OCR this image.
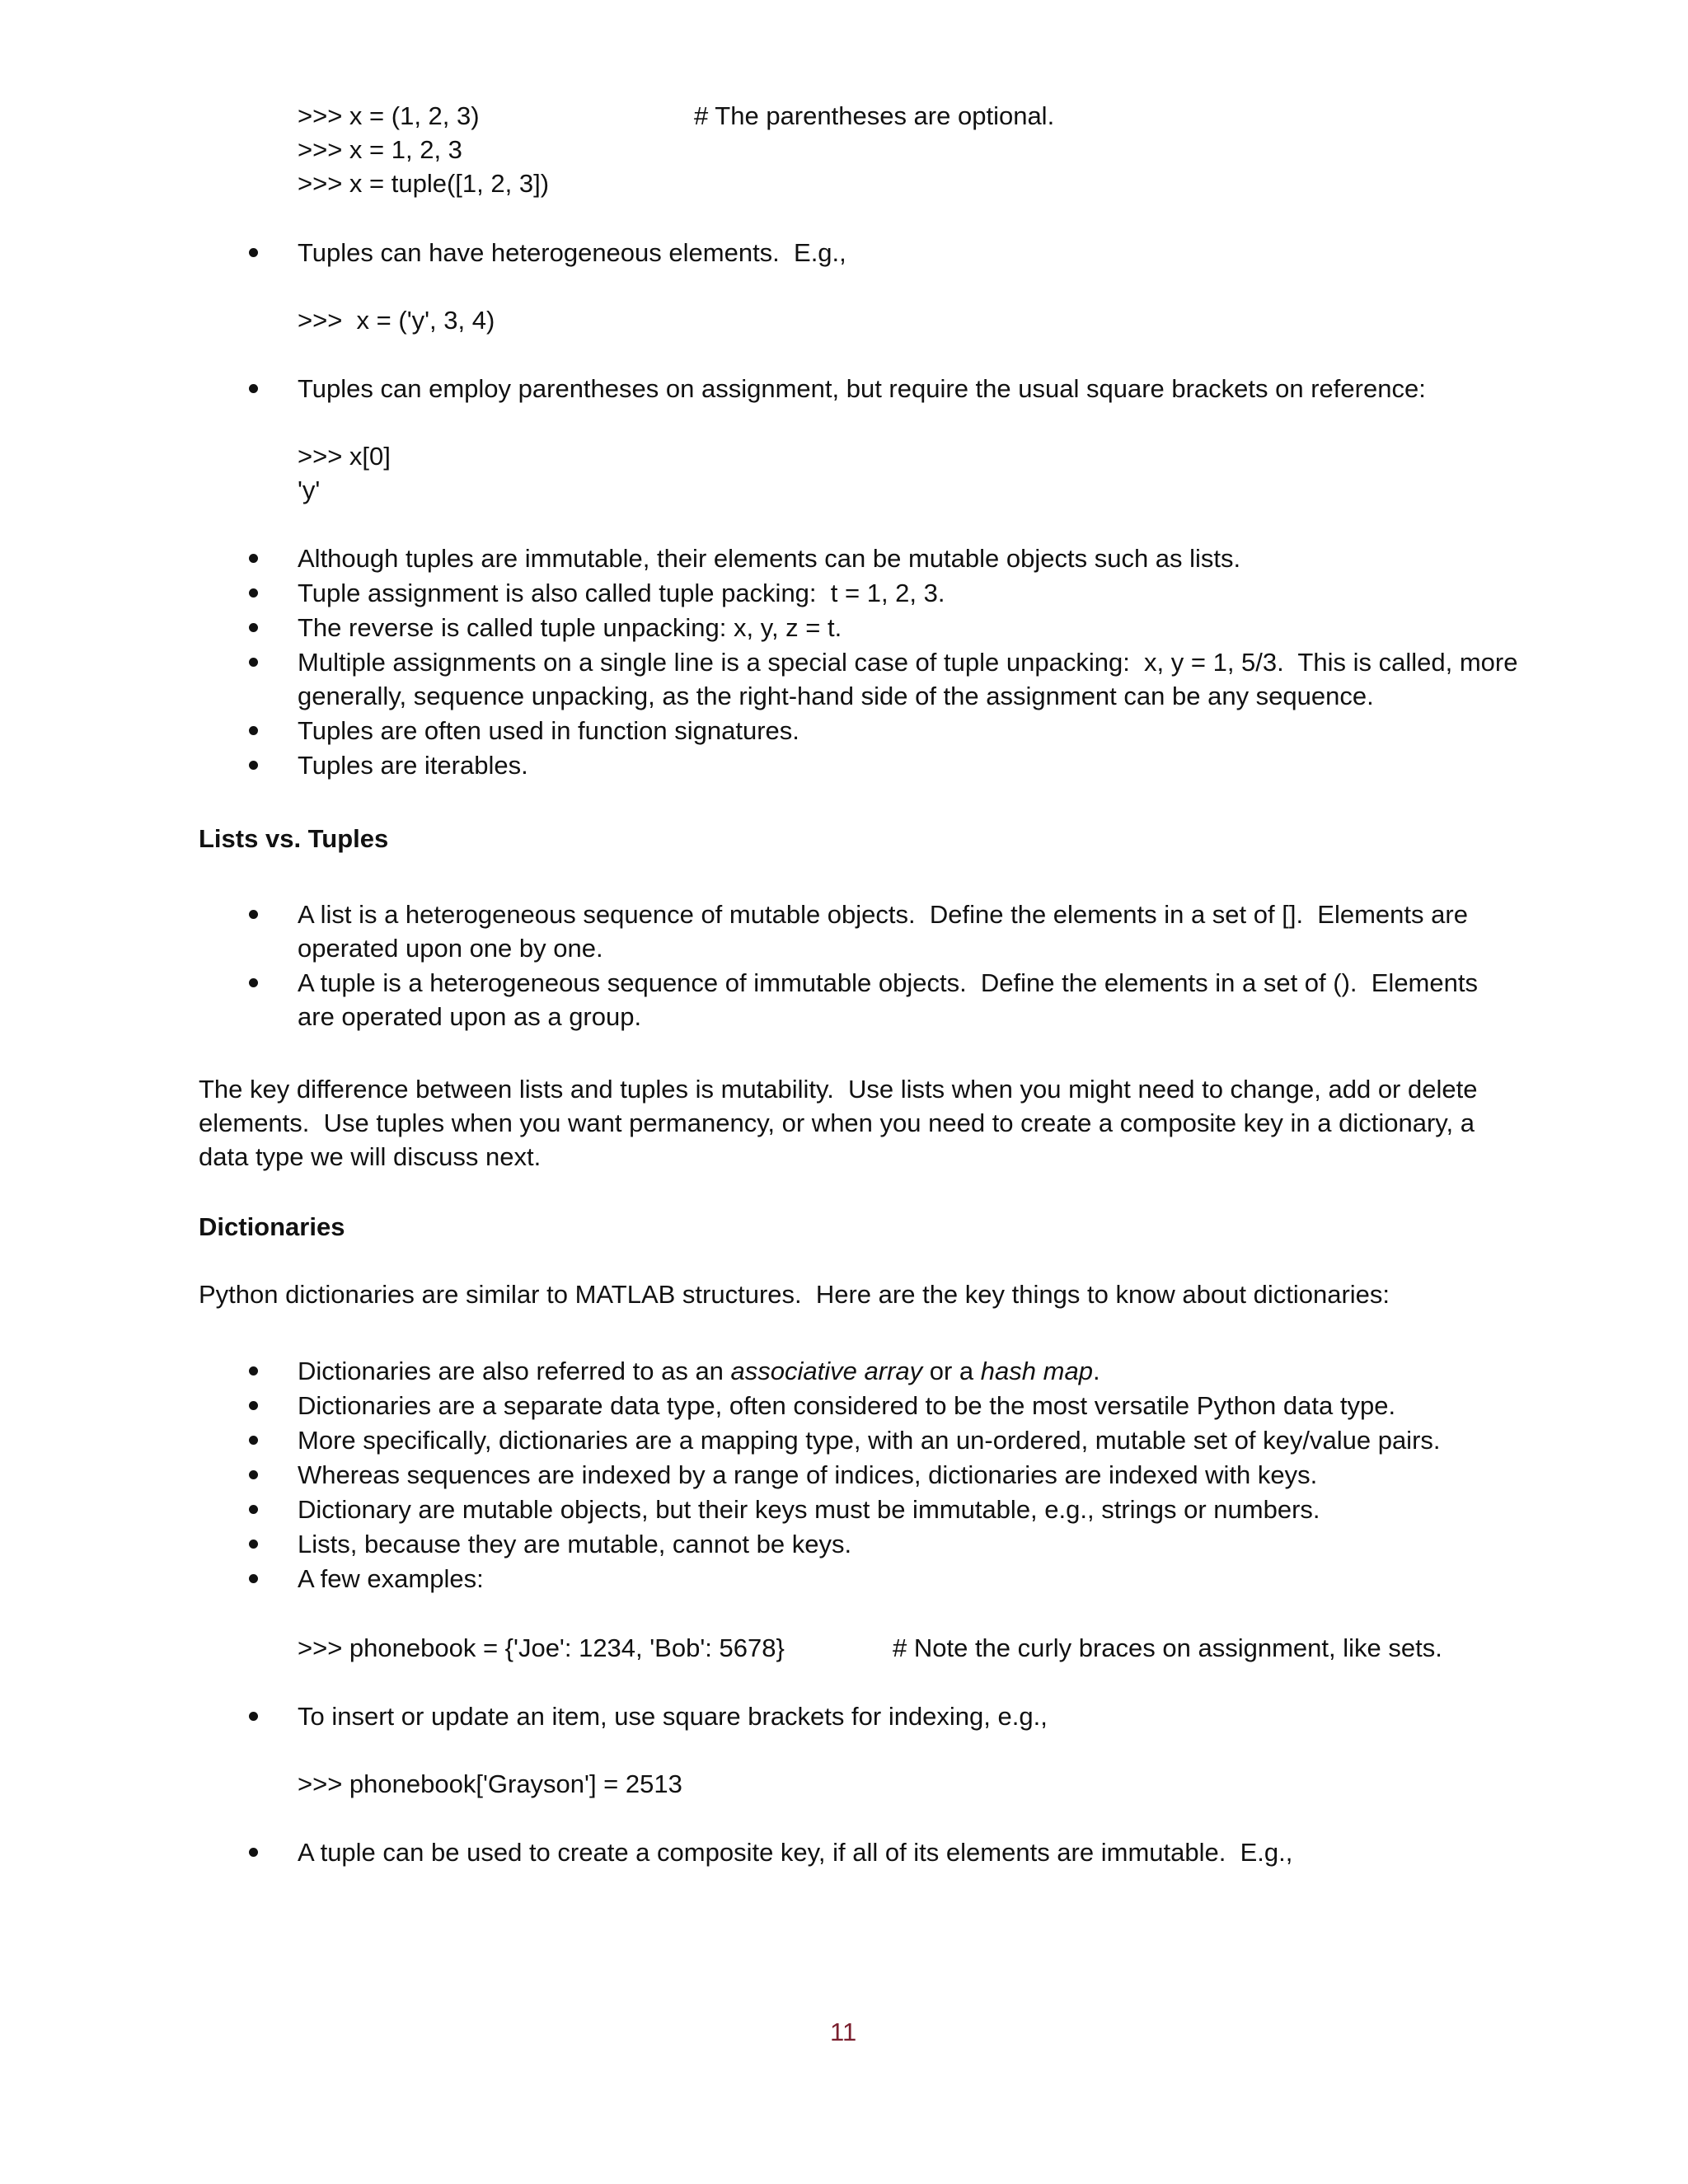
>>> x = (1, 2, 3)	# The parentheses are optional.
>>> x = 1, 2, 3
>>> x = tuple([1, 2, 3])
Tuples can have heterogeneous elements.  E.g.,
>>>  x = ('y', 3, 4)
Tuples can employ parentheses on assignment, but require the usual square brackets on reference:
>>> x[0]
'y'
Although tuples are immutable, their elements can be mutable objects such as lists.
Tuple assignment is also called tuple packing:  t = 1, 2, 3.
The reverse is called tuple unpacking: x, y, z = t.
Multiple assignments on a single line is a special case of tuple unpacking:  x, y = 1, 5/3.  This is called, more
generally, sequence unpacking, as the right-hand side of the assignment can be any sequence.
Tuples are often used in function signatures.
Tuples are iterables.
Lists vs. Tuples
A list is a heterogeneous sequence of mutable objects.  Define the elements in a set of [].  Elements are
operated upon one by one.
A tuple is a heterogeneous sequence of immutable objects.  Define the elements in a set of ().  Elements
are operated upon as a group.
The key difference between lists and tuples is mutability.  Use lists when you might need to change, add or delete
elements.  Use tuples when you want permanency, or when you need to create a composite key in a dictionary, a
data type we will discuss next.
Dictionaries
Python dictionaries are similar to MATLAB structures.  Here are the key things to know about dictionaries:
Dictionaries are also referred to as an associative array or a hash map.
Dictionaries are a separate data type, often considered to be the most versatile Python data type.
More specifically, dictionaries are a mapping type, with an un-ordered, mutable set of key/value pairs.
Whereas sequences are indexed by a range of indices, dictionaries are indexed with keys.
Dictionary are mutable objects, but their keys must be immutable, e.g., strings or numbers.
Lists, because they are mutable, cannot be keys.
A few examples:
>>> phonebook = {'Joe': 1234, 'Bob': 5678}	# Note the curly braces on assignment, like sets.
To insert or update an item, use square brackets for indexing, e.g.,
>>> phonebook['Grayson'] = 2513
A tuple can be used to create a composite key, if all of its elements are immutable.  E.g.,
11
